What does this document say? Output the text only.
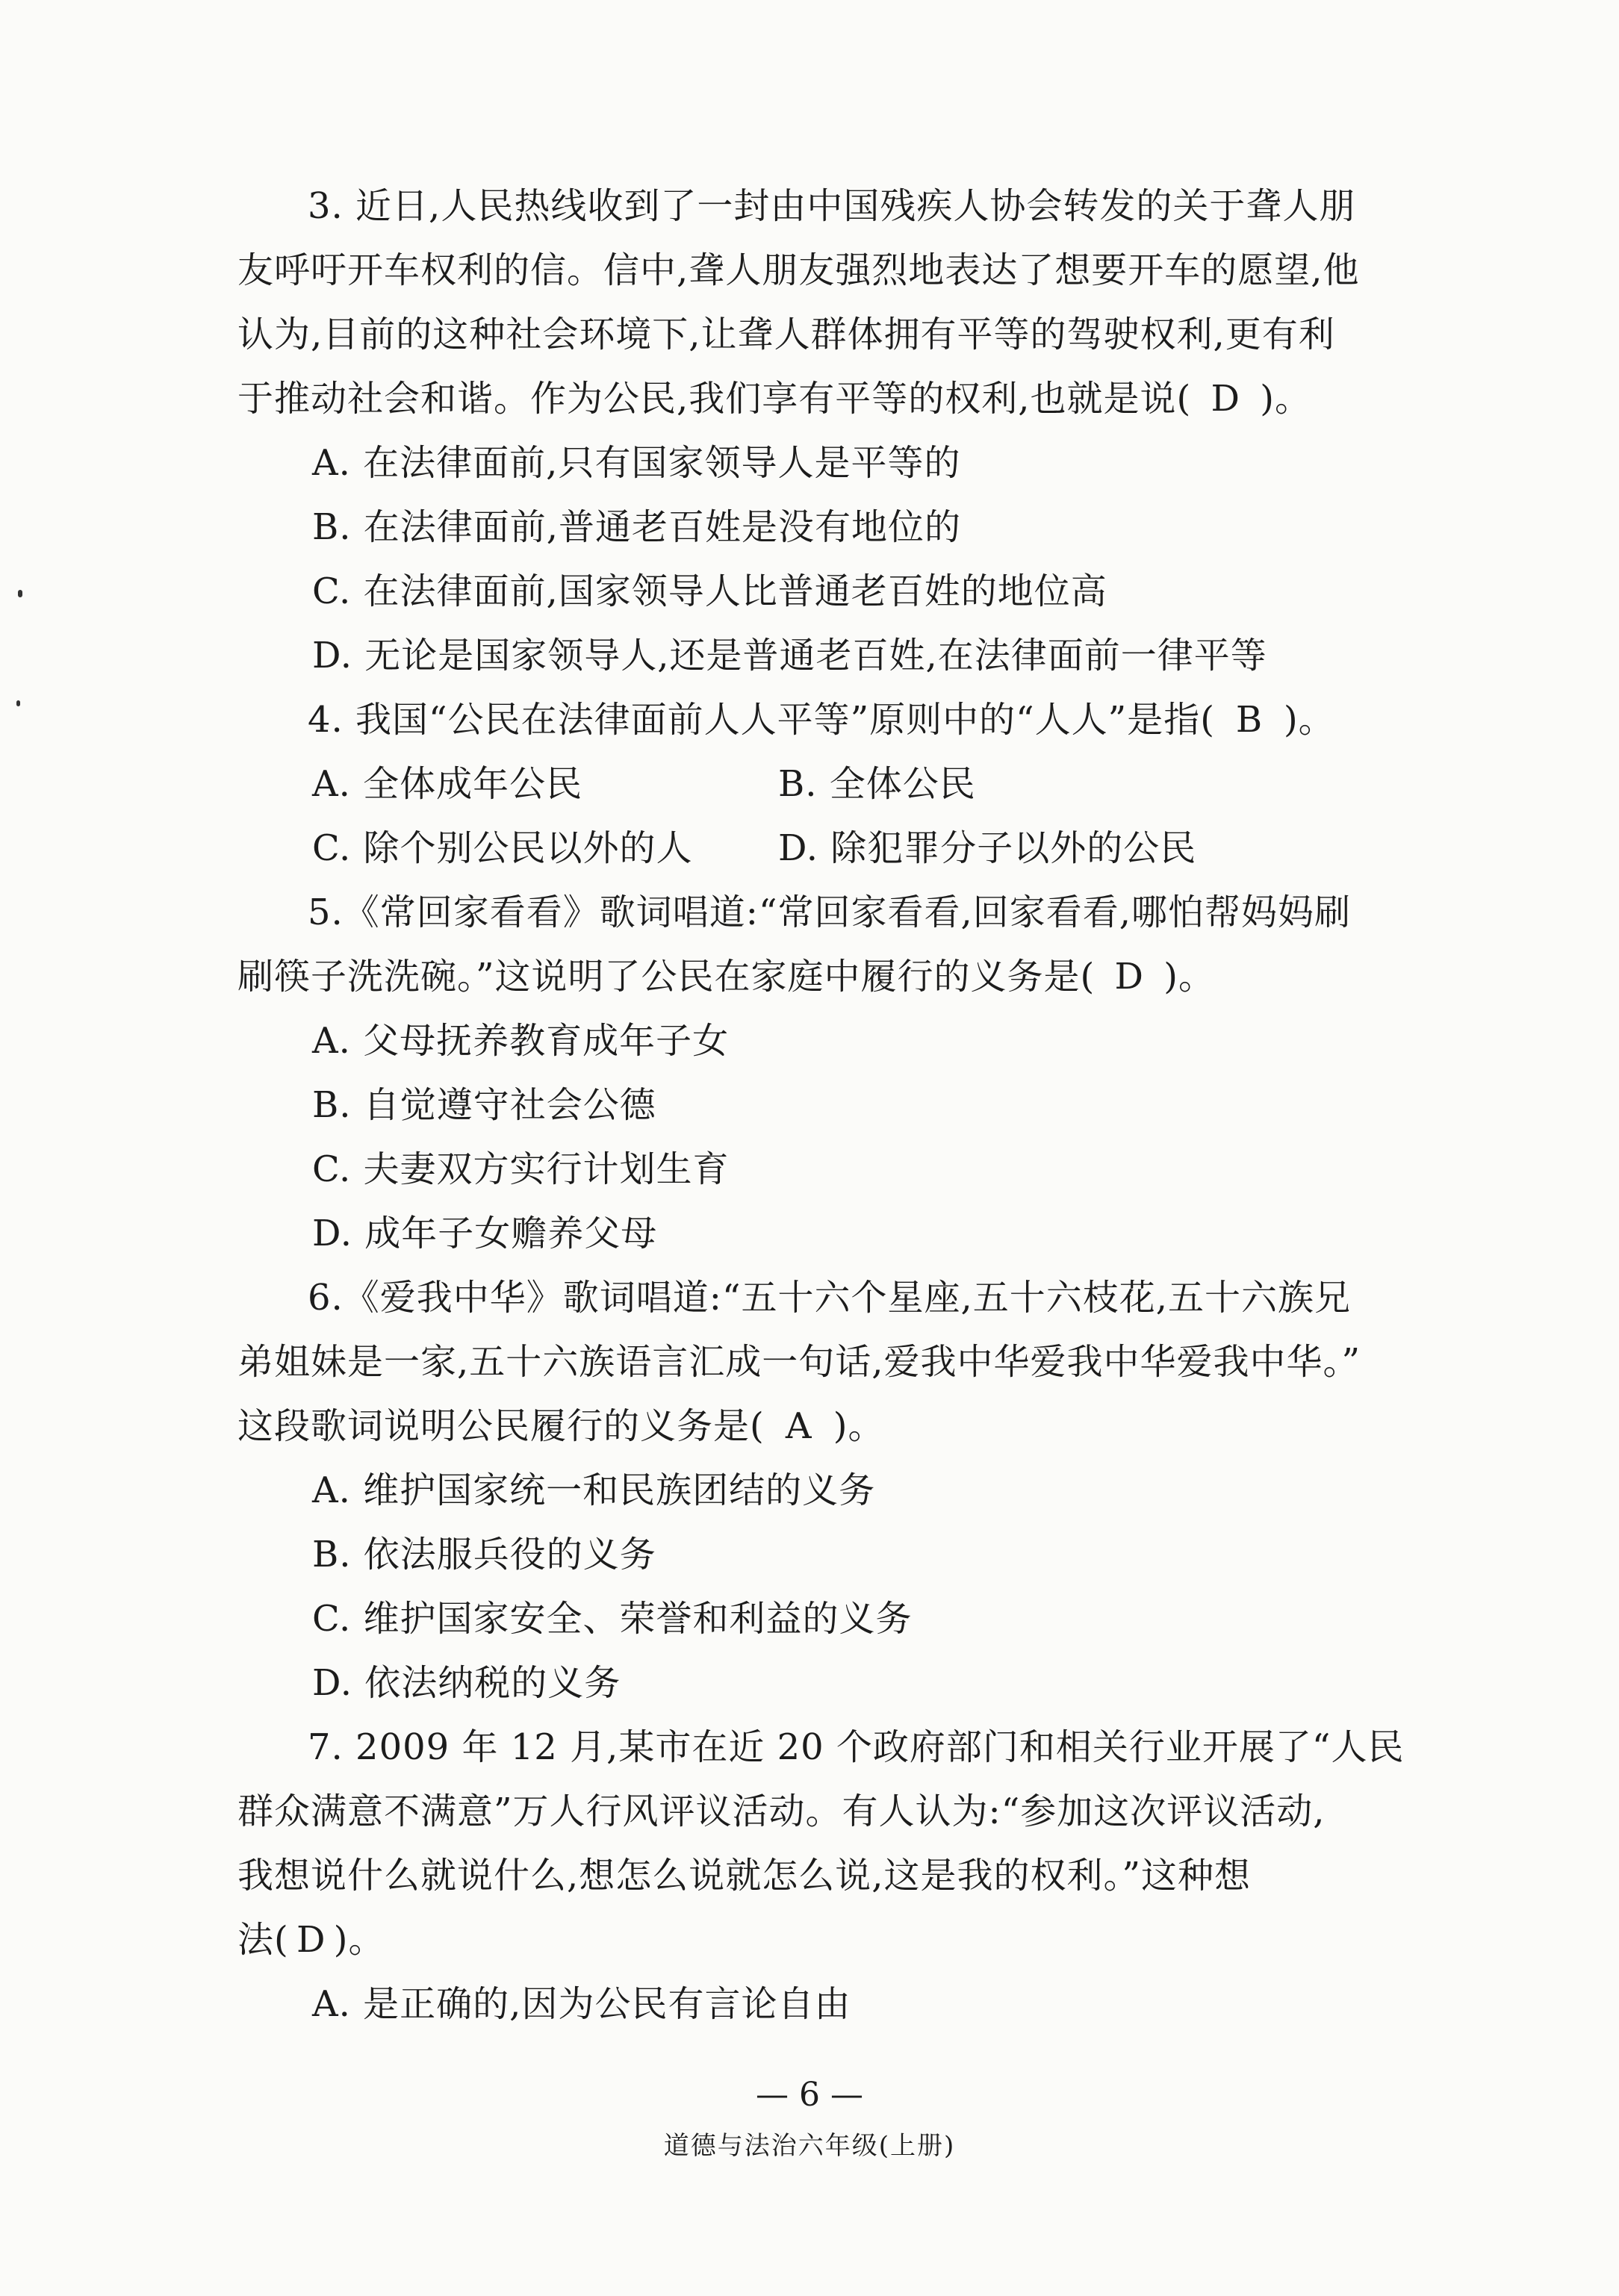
3. 近日,人民热线收到了一封由中国残疾人协会转发的关于聋人朋
友呼吁开车权利的信。信中,聋人朋友强烈地表达了想要开车的愿望,他
认为,目前的这种社会环境下,让聋人群体拥有平等的驾驶权利,更有利
于推动社会和谐。作为公民,我们享有平等的权利,也就是说( D )。
A. 在法律面前,只有国家领导人是平等的
B. 在法律面前,普通老百姓是没有地位的
C. 在法律面前,国家领导人比普通老百姓的地位高
D. 无论是国家领导人,还是普通老百姓,在法律面前一律平等
4. 我国“公民在法律面前人人平等”原则中的“人人”是指( B )。
A. 全体成年公民	B. 全体公民
C. 除个别公民以外的人 D. 除犯罪分子以外的公民
5.《常回家看看》歌词唱道:“常回家看看,回家看看,哪怕帮妈妈刷
刷筷子洗洗碗。”这说明了公民在家庭中履行的义务是( D )。
A. 父母抚养教育成年子女
B. 自觉遵守社会公德
C. 夫妻双方实行计划生育
D. 成年子女赡养父母
6.《爱我中华》歌词唱道:“五十六个星座,五十六枝花,五十六族兄
弟姐妹是一家,五十六族语言汇成一句话,爱我中华爱我中华爱我中华。”
这段歌词说明公民履行的义务是( A )。
A. 维护国家统一和民族团结的义务
B. 依法服兵役的义务
C. 维护国家安全、荣誉和利益的义务
D. 依法纳税的义务
7. 2009 年 12 月,某市在近 20 个政府部门和相关行业开展了“人民
群众满意不满意”万人行风评议活动。有人认为:“参加这次评议活动,
我想说什么就说什么,想怎么说就怎么说,这是我的权利。”这种想
法( D )。
A. 是正确的,因为公民有言论自由
— 6 —
道德与法治六年级(上册)
